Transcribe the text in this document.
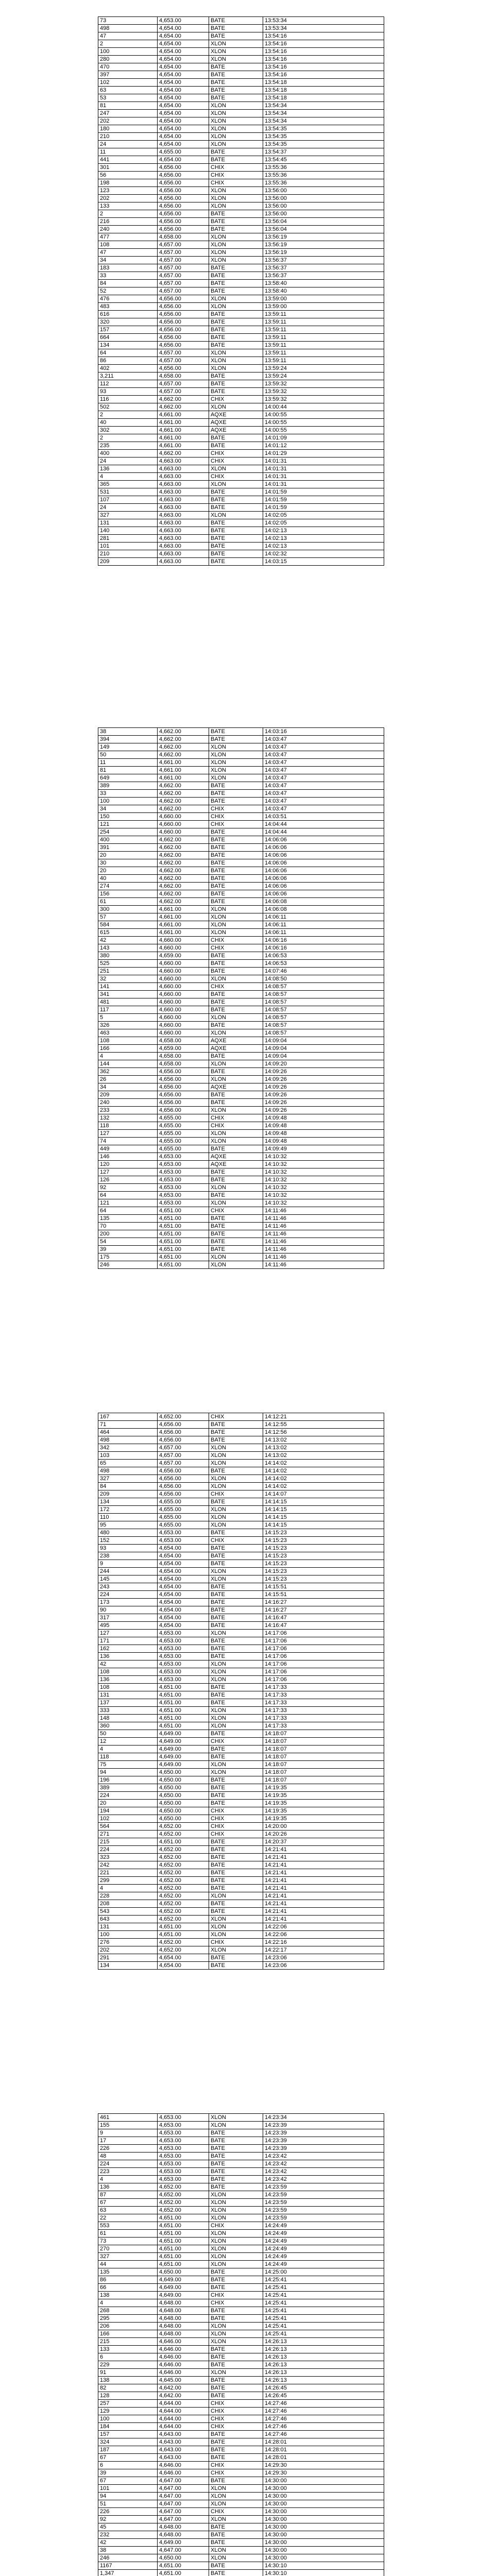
73	4,653.00	BATE	13:53:34
498	4,654.00	BATE	13:53:34
47	4,654.00	BATE	13:54:16
2	4,654.00	XLON	13:54:16
100	4,654.00	XLON	13:54:16
280	4,654.00	XLON	13:54:16
470	4,654.00	BATE	13:54:16
397	4,654.00	BATE	13:54:16
102	4,654.00	BATE	13:54:18
63	4,654.00	BATE	13:54:18
53	4,654.00	BATE	13:54:18
81	4,654.00	XLON	13:54:34
247	4,654.00	XLON	13:54:34
202	4,654.00	XLON	13:54:34
180	4,654.00	XLON	13:54:35
210	4,654.00	XLON	13:54:35
24	4,654.00	XLON	13:54:35
11	4,655.00	BATE	13:54:37
441	4,654.00	BATE	13:54:45
301	4,656.00	CHIX	13:55:36
56	4,656.00	CHIX	13:55:36
198	4,656.00	CHIX	13:55:36
123	4,656.00	XLON	13:56:00
202	4,656.00	XLON	13:56:00
133	4,656.00	XLON	13:56:00
2	4,656.00	BATE	13:56:00
216	4,656.00	BATE	13:56:04
240	4,656.00	BATE	13:56:04
477	4,658.00	XLON	13:56:19
108	4,657.00	XLON	13:56:19
47	4,657.00	XLON	13:56:19
34	4,657.00	XLON	13:56:37
183	4,657.00	BATE	13:56:37
33	4,657.00	BATE	13:56:37
84	4,657.00	BATE	13:58:40
52	4,657.00	BATE	13:58:40
476	4,656.00	XLON	13:59:00
483	4,656.00	XLON	13:59:00
616	4,656.00	BATE	13:59:11
320	4,656.00	BATE	13:59:11
157	4,656.00	BATE	13:59:11
664	4,656.00	BATE	13:59:11
134	4,656.00	BATE	13:59:11
64	4,657.00	XLON	13:59:11
86	4,657.00	XLON	13:59:11
402	4,656.00	XLON	13:59:24
3,211	4,658.00	BATE	13:59:24
112	4,657.00	BATE	13:59:32
93	4,657.00	BATE	13:59:32
116	4,662.00	CHIX	13:59:32
502	4,662.00	XLON	14:00:44
2	4,661.00	AQXE	14:00:55
40	4,661.00	AQXE	14:00:55
302	4,661.00	AQXE	14:00:55
2	4,661.00	BATE	14:01:09
235	4,661.00	BATE	14:01:12
400	4,662.00	CHIX	14:01:29
24	4,663.00	CHIX	14:01:31
136	4,663.00	XLON	14:01:31
4	4,663.00	CHIX	14:01:31
365	4,663.00	XLON	14:01:31
531	4,663.00	BATE	14:01:59
107	4,663.00	BATE	14:01:59
24	4,663.00	BATE	14:01:59
327	4,663.00	XLON	14:02:05
131	4,663.00	BATE	14:02:05
140	4,663.00	BATE	14:02:13
281	4,663.00	BATE	14:02:13
101	4,663.00	BATE	14:02:13
210	4,663.00	BATE	14:02:32
209	4,663.00	BATE	14:03:15
38	4,662.00	BATE	14:03:16
394	4,662.00	BATE	14:03:47
149	4,662.00	XLON	14:03:47
50	4,662.00	XLON	14:03:47
11	4,661.00	XLON	14:03:47
81	4,661.00	XLON	14:03:47
649	4,661.00	XLON	14:03:47
389	4,662.00	BATE	14:03:47
33	4,662.00	BATE	14:03:47
100	4,662.00	BATE	14:03:47
34	4,662.00	CHIX	14:03:47
150	4,660.00	CHIX	14:03:51
121	4,660.00	CHIX	14:04:44
254	4,660.00	BATE	14:04:44
400	4,662.00	BATE	14:06:06
391	4,662.00	BATE	14:06:06
20	4,662.00	BATE	14:06:06
30	4,662.00	BATE	14:06:06
20	4,662.00	BATE	14:06:06
40	4,662.00	BATE	14:06:06
274	4,662.00	BATE	14:06:06
156	4,662.00	BATE	14:06:06
61	4,662.00	BATE	14:06:08
300	4,661.00	XLON	14:06:08
57	4,661.00	XLON	14:06:11
584	4,661.00	XLON	14:06:11
615	4,661.00	XLON	14:06:11
42	4,660.00	CHIX	14:06:16
143	4,660.00	CHIX	14:06:16
380	4,659.00	BATE	14:06:53
525	4,660.00	BATE	14:06:53
251	4,660.00	BATE	14:07:46
32	4,660.00	XLON	14:08:50
141	4,660.00	CHIX	14:08:57
341	4,660.00	BATE	14:08:57
481	4,660.00	BATE	14:08:57
117	4,660.00	BATE	14:08:57
5	4,660.00	XLON	14:08:57
326	4,660.00	BATE	14:08:57
463	4,660.00	XLON	14:08:57
108	4,658.00	AQXE	14:09:04
166	4,659.00	AQXE	14:09:04
4	4,658.00	BATE	14:09:04
144	4,658.00	XLON	14:09:20
362	4,656.00	BATE	14:09:26
26	4,656.00	XLON	14:09:26
34	4,656.00	AQXE	14:09:26
209	4,656.00	BATE	14:09:26
240	4,656.00	BATE	14:09:26
233	4,656.00	XLON	14:09:26
132	4,655.00	CHIX	14:09:48
118	4,655.00	CHIX	14:09:48
127	4,655.00	XLON	14:09:48
74	4,655.00	XLON	14:09:48
449	4,655.00	BATE	14:09:49
146	4,653.00	AQXE	14:10:32
120	4,653.00	AQXE	14:10:32
127	4,653.00	BATE	14:10:32
126	4,653.00	BATE	14:10:32
92	4,653.00	XLON	14:10:32
64	4,653.00	BATE	14:10:32
121	4,653.00	XLON	14:10:32
64	4,651.00	CHIX	14:11:46
135	4,651.00	BATE	14:11:46
70	4,651.00	BATE	14:11:46
200	4,651.00	BATE	14:11:46
54	4,651.00	BATE	14:11:46
39	4,651.00	BATE	14:11:46
175	4,651.00	XLON	14:11:46
246	4,651.00	XLON	14:11:46
167	4,652.00	CHIX	14:12:21
71	4,656.00	BATE	14:12:55
464	4,656.00	BATE	14:12:56
498	4,656.00	BATE	14:13:02
342	4,657.00	XLON	14:13:02
103	4,657.00	XLON	14:13:02
65	4,657.00	XLON	14:14:02
498	4,656.00	BATE	14:14:02
327	4,656.00	XLON	14:14:02
84	4,656.00	XLON	14:14:02
209	4,656.00	CHIX	14:14:07
134	4,655.00	BATE	14:14:15
172	4,655.00	XLON	14:14:15
110	4,655.00	XLON	14:14:15
95	4,655.00	XLON	14:14:15
480	4,653.00	BATE	14:15:23
152	4,653.00	CHIX	14:15:23
93	4,654.00	BATE	14:15:23
238	4,654.00	BATE	14:15:23
9	4,654.00	BATE	14:15:23
244	4,654.00	XLON	14:15:23
145	4,654.00	XLON	14:15:23
243	4,654.00	BATE	14:15:51
224	4,654.00	BATE	14:15:51
173	4,654.00	BATE	14:16:27
90	4,654.00	BATE	14:16:27
317	4,654.00	BATE	14:16:47
495	4,654.00	BATE	14:16:47
127	4,653.00	XLON	14:17:06
171	4,653.00	BATE	14:17:06
162	4,653.00	BATE	14:17:06
136	4,653.00	BATE	14:17:06
42	4,653.00	XLON	14:17:06
108	4,653.00	XLON	14:17:06
136	4,653.00	XLON	14:17:06
108	4,651.00	BATE	14:17:33
131	4,651.00	BATE	14:17:33
137	4,651.00	BATE	14:17:33
333	4,651.00	XLON	14:17:33
148	4,651.00	XLON	14:17:33
360	4,651.00	XLON	14:17:33
50	4,649.00	BATE	14:18:07
12	4,649.00	CHIX	14:18:07
4	4,649.00	BATE	14:18:07
118	4,649.00	BATE	14:18:07
75	4,649.00	XLON	14:18:07
94	4,650.00	XLON	14:18:07
196	4,650.00	BATE	14:18:07
389	4,650.00	BATE	14:19:35
224	4,650.00	BATE	14:19:35
20	4,650.00	BATE	14:19:35
194	4,650.00	CHIX	14:19:35
102	4,650.00	CHIX	14:19:35
564	4,652.00	CHIX	14:20:00
271	4,652.00	CHIX	14:20:26
215	4,651.00	BATE	14:20:37
224	4,652.00	BATE	14:21:41
323	4,652.00	BATE	14:21:41
242	4,652.00	BATE	14:21:41
221	4,652.00	BATE	14:21:41
299	4,652.00	BATE	14:21:41
4	4,652.00	BATE	14:21:41
228	4,652.00	XLON	14:21:41
208	4,652.00	BATE	14:21:41
543	4,652.00	BATE	14:21:41
643	4,652.00	XLON	14:21:41
131	4,651.00	XLON	14:22:06
100	4,651.00	XLON	14:22:06
276	4,652.00	CHIX	14:22:16
202	4,652.00	XLON	14:22:17
291	4,654.00	BATE	14:23:06
134	4,654.00	BATE	14:23:06
461	4,653.00	XLON	14:23:34
155	4,653.00	XLON	14:23:39
9	4,653.00	BATE	14:23:39
17	4,653.00	BATE	14:23:39
226	4,653.00	BATE	14:23:39
48	4,653.00	BATE	14:23:42
224	4,653.00	BATE	14:23:42
223	4,653.00	BATE	14:23:42
4	4,653.00	BATE	14:23:42
136	4,652.00	BATE	14:23:59
87	4,652.00	XLON	14:23:59
67	4,652.00	XLON	14:23:59
63	4,652.00	XLON	14:23:59
22	4,651.00	XLON	14:23:59
553	4,651.00	CHIX	14:24:49
61	4,651.00	XLON	14:24:49
73	4,651.00	XLON	14:24:49
270	4,651.00	XLON	14:24:49
327	4,651.00	XLON	14:24:49
44	4,651.00	XLON	14:24:49
135	4,650.00	BATE	14:25:00
86	4,649.00	BATE	14:25:41
66	4,649.00	BATE	14:25:41
138	4,649.00	CHIX	14:25:41
4	4,648.00	CHIX	14:25:41
268	4,648.00	BATE	14:25:41
295	4,648.00	BATE	14:25:41
206	4,648.00	XLON	14:25:41
166	4,648.00	XLON	14:25:41
215	4,646.00	XLON	14:26:13
133	4,646.00	BATE	14:26:13
6	4,646.00	BATE	14:26:13
229	4,646.00	BATE	14:26:13
91	4,646.00	XLON	14:26:13
138	4,645.00	BATE	14:26:13
82	4,642.00	BATE	14:26:45
128	4,642.00	BATE	14:26:45
257	4,644.00	CHIX	14:27:46
129	4,644.00	CHIX	14:27:46
100	4,644.00	CHIX	14:27:46
184	4,644.00	CHIX	14:27:46
157	4,643.00	BATE	14:27:46
324	4,643.00	BATE	14:28:01
187	4,643.00	BATE	14:28:01
67	4,643.00	BATE	14:28:01
6	4,646.00	CHIX	14:29:30
39	4,646.00	CHIX	14:29:30
67	4,647.00	BATE	14:30:00
101	4,647.00	XLON	14:30:00
94	4,647.00	XLON	14:30:00
51	4,647.00	XLON	14:30:00
226	4,647.00	CHIX	14:30:00
92	4,647.00	XLON	14:30:00
45	4,648.00	BATE	14:30:00
232	4,648.00	BATE	14:30:00
42	4,649.00	BATE	14:30:00
38	4,647.00	XLON	14:30:00
246	4,650.00	XLON	14:30:00
1167	4,651.00	BATE	14:30:10
1,347	4,651.00	BATE	14:30:10
